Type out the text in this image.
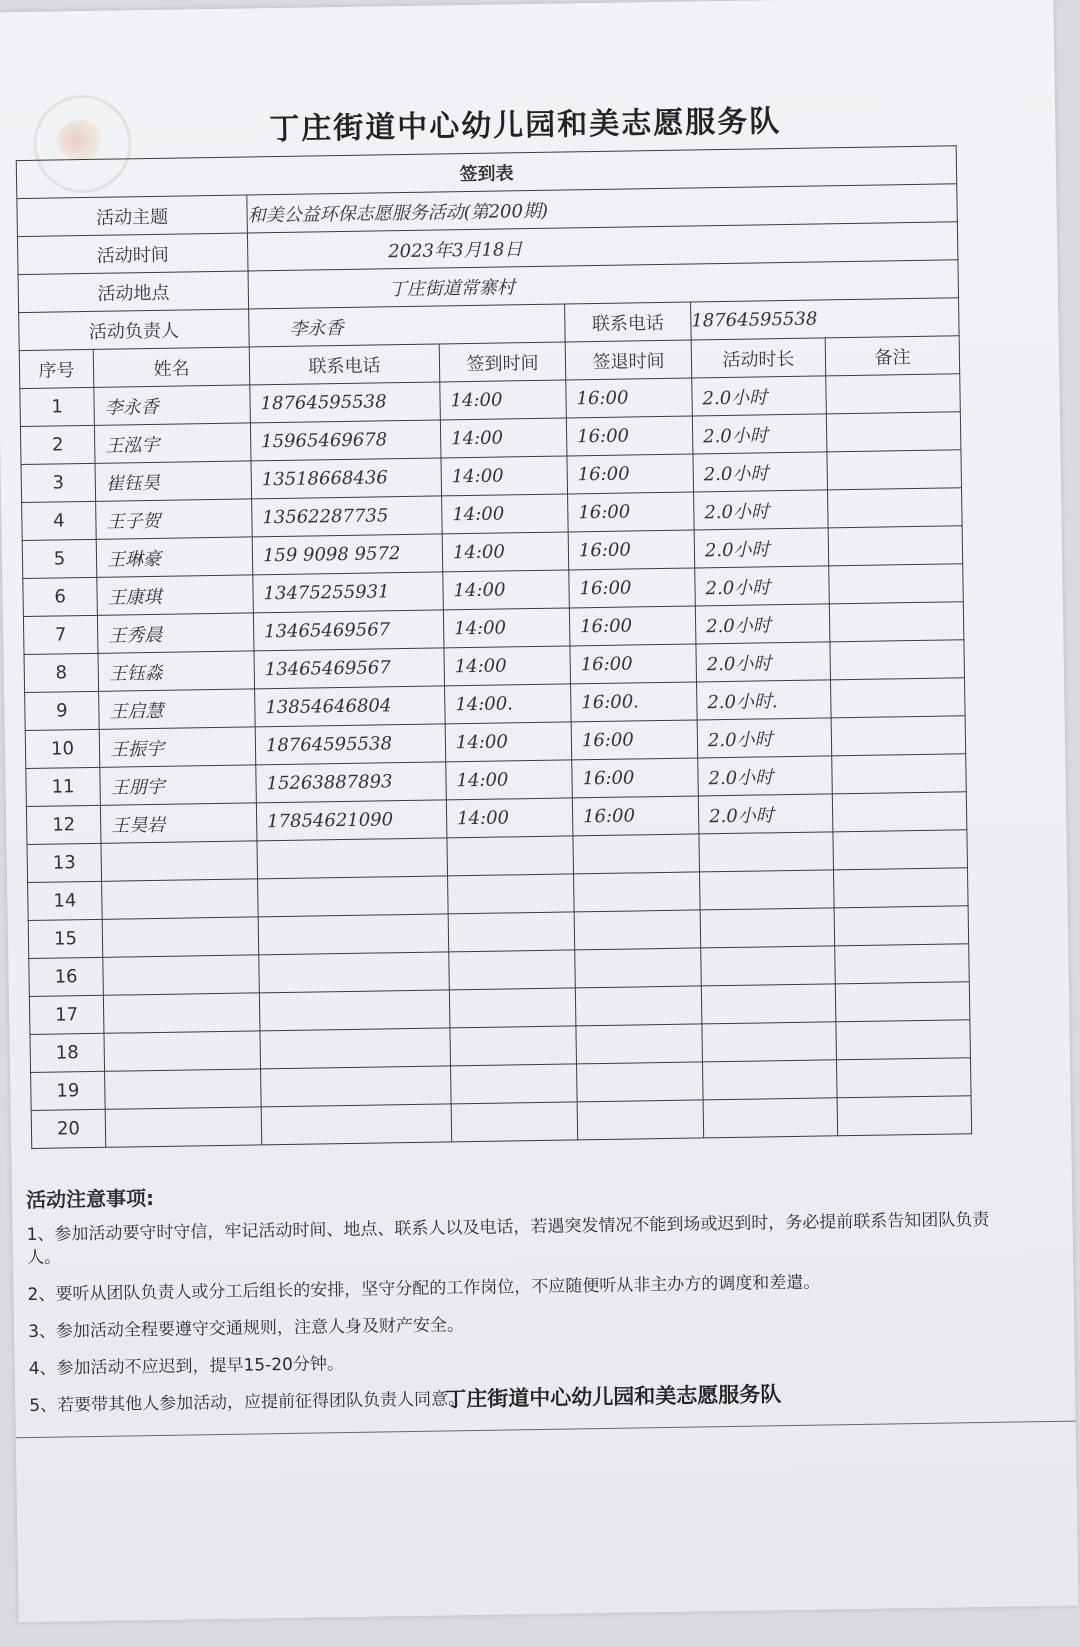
丁庄街道中心幼儿园和美志愿服务队
签到表						
活动主题		和美公益环保志愿服务活动(第200期)				
活动时间		2023年3月18日				
活动地点		丁庄街道常寨村				
活动负责人		李永香		联系电话	18764595538	
序号	姓名	联系电话	签到时间	签退时间	活动时长	备注
1	李永香	18764595538	14:00	16:00	2.0小时	
2	王泓宇	15965469678	14:00	16:00	2.0小时	
3	崔钰昊	13518668436	14:00	16:00	2.0小时	
4	王子贺	13562287735	14:00	16:00	2.0小时	
5	王琳豪	159 9098 9572	14:00	16:00	2.0小时	
6	王康琪	13475255931	14:00	16:00	2.0小时	
7	王秀晨	13465469567	14:00	16:00	2.0小时	
8	王钰淼	13465469567	14:00	16:00	2.0小时	
9	王启慧	13854646804	14:00.	16:00.	2.0小时.	
10	王振宇	18764595538	14:00	16:00	2.0小时	
11	王朋宇	15263887893	14:00	16:00	2.0小时	
12	王昊岩	17854621090	14:00	16:00	2.0小时	
13						
14						
15						
16						
17						
18						
19						
20						
活动注意事项:
1、参加活动要守时守信，牢记活动时间、地点、联系人以及电话，若遇突发情况不能到场或迟到时，务必提前联系告知团队负责人。
2、要听从团队负责人或分工后组长的安排，坚守分配的工作岗位，不应随便听从非主办方的调度和差遣。
3、参加活动全程要遵守交通规则，注意人身及财产安全。
4、参加活动不应迟到，提早15-20分钟。
5、若要带其他人参加活动，应提前征得团队负责人同意。
丁庄街道中心幼儿园和美志愿服务队
